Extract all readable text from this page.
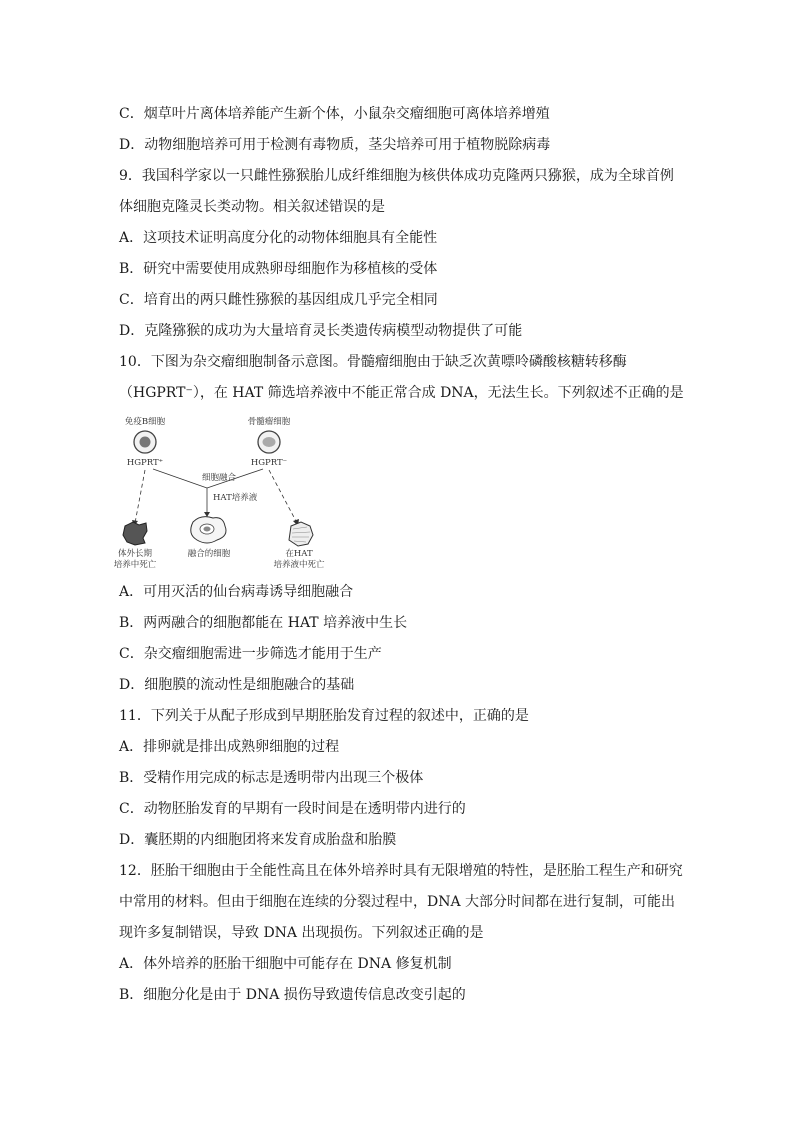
C．烟草叶片离体培养能产生新个体，小鼠杂交瘤细胞可离体培养增殖
D．动物细胞培养可用于检测有毒物质，茎尖培养可用于植物脱除病毒
9．我国科学家以一只雌性猕猴胎儿成纤维细胞为核供体成功克隆两只猕猴，成为全球首例
体细胞克隆灵长类动物。相关叙述错误的是
A．这项技术证明高度分化的动物体细胞具有全能性
B．研究中需要使用成熟卵母细胞作为移植核的受体
C．培育出的两只雌性猕猴的基因组成几乎完全相同
D．克隆猕猴的成功为大量培育灵长类遗传病模型动物提供了可能
10．下图为杂交瘤细胞制备示意图。骨髓瘤细胞由于缺乏次黄嘌呤磷酸核糖转移酶
（HGPRT⁻），在 HAT 筛选培养液中不能正常合成 DNA，无法生长。下列叙述不正确的是
免疫B细胞	骨髓瘤细胞
HGPRT⁺	HGPRT⁻
细胞融合
HAT培养液
体外长期
培养中死亡
融合的细胞	在HAT
培养液中死亡
A．可用灭活的仙台病毒诱导细胞融合
B．两两融合的细胞都能在 HAT 培养液中生长
C．杂交瘤细胞需进一步筛选才能用于生产
D．细胞膜的流动性是细胞融合的基础
11．下列关于从配子形成到早期胚胎发育过程的叙述中，正确的是
A．排卵就是排出成熟卵细胞的过程
B．受精作用完成的标志是透明带内出现三个极体
C．动物胚胎发育的早期有一段时间是在透明带内进行的
D．囊胚期的内细胞团将来发育成胎盘和胎膜
12．胚胎干细胞由于全能性高且在体外培养时具有无限增殖的特性，是胚胎工程生产和研究
中常用的材料。但由于细胞在连续的分裂过程中，DNA 大部分时间都在进行复制，可能出
现许多复制错误，导致 DNA 出现损伤。下列叙述正确的是
A．体外培养的胚胎干细胞中可能存在 DNA 修复机制
B．细胞分化是由于 DNA 损伤导致遗传信息改变引起的
